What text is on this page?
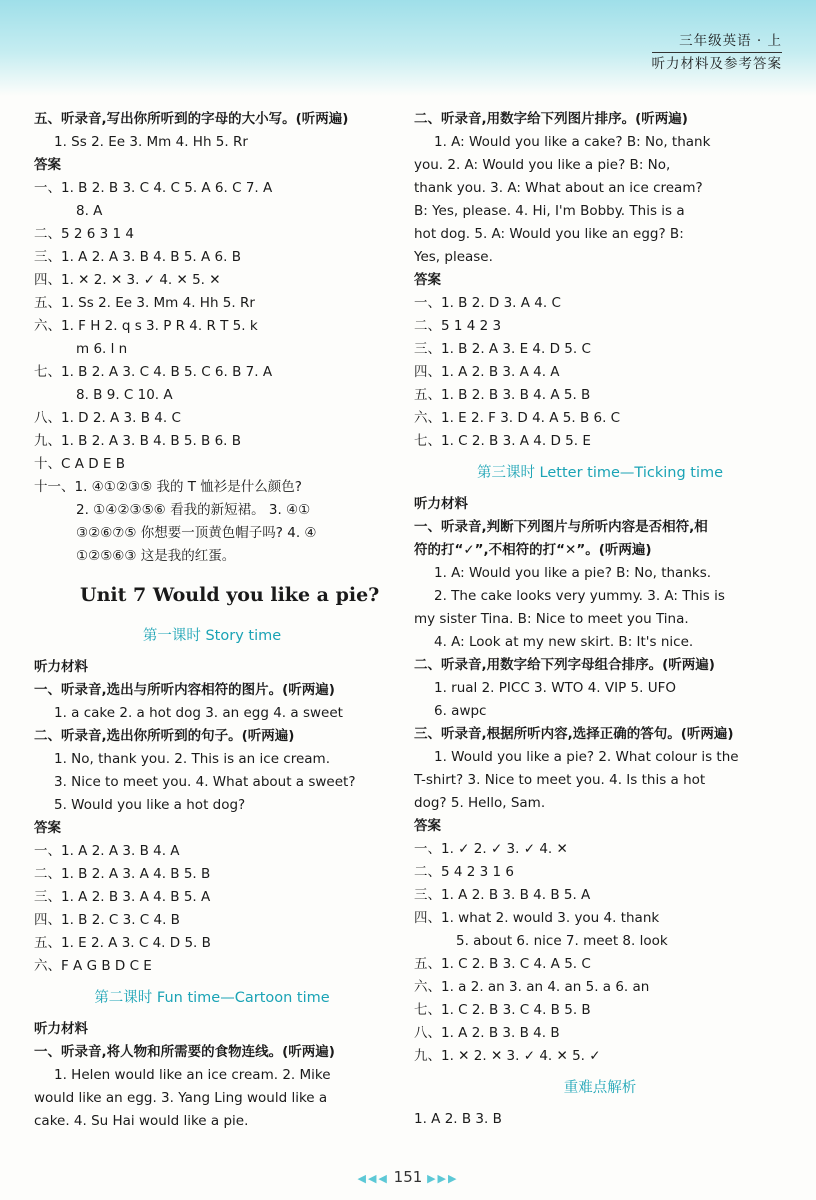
三年级英语 · 上
听力材料及参考答案
五、听录音,写出你所听到的字母的大小写。(听两遍)
1. Ss 2. Ee 3. Mm 4. Hh 5. Rr
答案
一、1. B 2. B 3. C 4. C 5. A 6. C 7. A
8. A
二、5 2 6 3 1 4
三、1. A 2. A 3. B 4. B 5. A 6. B
四、1. ✕ 2. ✕ 3. ✓ 4. ✕ 5. ✕
五、1. Ss 2. Ee 3. Mm 4. Hh 5. Rr
六、1. F H 2. q s 3. P R 4. R T 5. k
m 6. l n
七、1. B 2. A 3. C 4. B 5. C 6. B 7. A
8. B 9. C 10. A
八、1. D 2. A 3. B 4. C
九、1. B 2. A 3. B 4. B 5. B 6. B
十、C A D E B
十一、1. ④①②③⑤ 我的 T 恤衫是什么颜色?
2. ①④②③⑤⑥ 看我的新短裙。 3. ④①
③②⑥⑦⑤ 你想要一顶黄色帽子吗? 4. ④
①②⑤⑥③ 这是我的红蛋。
Unit 7 Would you like a pie?
第一课时 Story time
听力材料
一、听录音,选出与所听内容相符的图片。(听两遍)
1. a cake 2. a hot dog 3. an egg 4. a sweet
二、听录音,选出你所听到的句子。(听两遍)
1. No, thank you. 2. This is an ice cream.
3. Nice to meet you. 4. What about a sweet?
5. Would you like a hot dog?
答案
一、1. A 2. A 3. B 4. A
二、1. B 2. A 3. A 4. B 5. B
三、1. A 2. B 3. A 4. B 5. A
四、1. B 2. C 3. C 4. B
五、1. E 2. A 3. C 4. D 5. B
六、F A G B D C E
第二课时 Fun time—Cartoon time
听力材料
一、听录音,将人物和所需要的食物连线。(听两遍)
1. Helen would like an ice cream. 2. Mike
would like an egg. 3. Yang Ling would like a
cake. 4. Su Hai would like a pie.
二、听录音,用数字给下列图片排序。(听两遍)
1. A: Would you like a cake? B: No, thank
you. 2. A: Would you like a pie? B: No,
thank you. 3. A: What about an ice cream?
B: Yes, please. 4. Hi, I'm Bobby. This is a
hot dog. 5. A: Would you like an egg? B:
Yes, please.
答案
一、1. B 2. D 3. A 4. C
二、5 1 4 2 3
三、1. B 2. A 3. E 4. D 5. C
四、1. A 2. B 3. A 4. A
五、1. B 2. B 3. B 4. A 5. B
六、1. E 2. F 3. D 4. A 5. B 6. C
七、1. C 2. B 3. A 4. D 5. E
第三课时 Letter time—Ticking time
听力材料
一、听录音,判断下列图片与所听内容是否相符,相
符的打“✓”,不相符的打“✕”。(听两遍)
1. A: Would you like a pie? B: No, thanks.
2. The cake looks very yummy. 3. A: This is
my sister Tina. B: Nice to meet you Tina.
4. A: Look at my new skirt. B: It's nice.
二、听录音,用数字给下列字母组合排序。(听两遍)
1. rual 2. PICC 3. WTO 4. VIP 5. UFO
6. awpc
三、听录音,根据所听内容,选择正确的答句。(听两遍)
1. Would you like a pie? 2. What colour is the
T-shirt? 3. Nice to meet you. 4. Is this a hot
dog? 5. Hello, Sam.
答案
一、1. ✓ 2. ✓ 3. ✓ 4. ✕
二、5 4 2 3 1 6
三、1. A 2. B 3. B 4. B 5. A
四、1. what 2. would 3. you 4. thank
5. about 6. nice 7. meet 8. look
五、1. C 2. B 3. C 4. A 5. C
六、1. a 2. an 3. an 4. an 5. a 6. an
七、1. C 2. B 3. C 4. B 5. B
八、1. A 2. B 3. B 4. B
九、1. ✕ 2. ✕ 3. ✓ 4. ✕ 5. ✓
重难点解析
1. A 2. B 3. B
◀◀◀ 151 ▶▶▶
